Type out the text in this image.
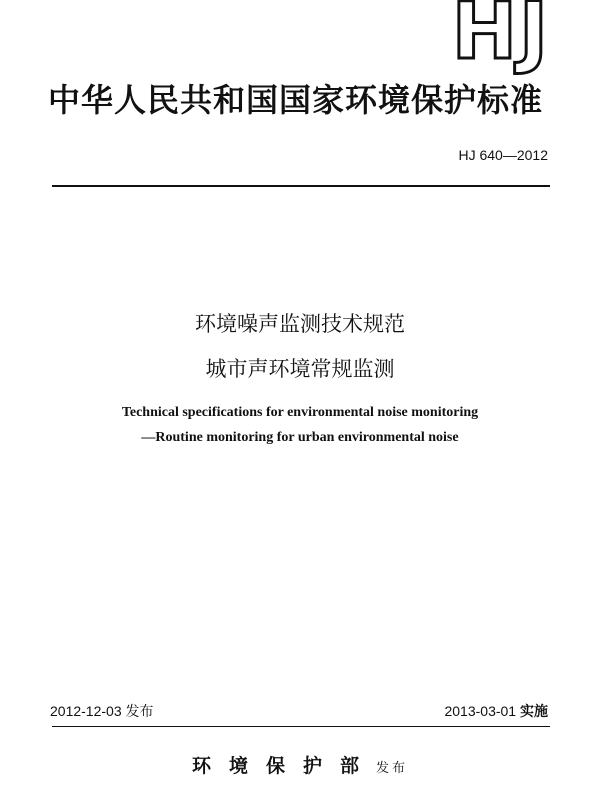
HJ
中华人民共和国国家环境保护标准
HJ 640—2012
环境噪声监测技术规范
城市声环境常规监测
Technical specifications for environmental noise monitoring
—Routine monitoring for urban environmental noise
2012-12-03 发布	2013-03-01 实施
环境保护部 发布
